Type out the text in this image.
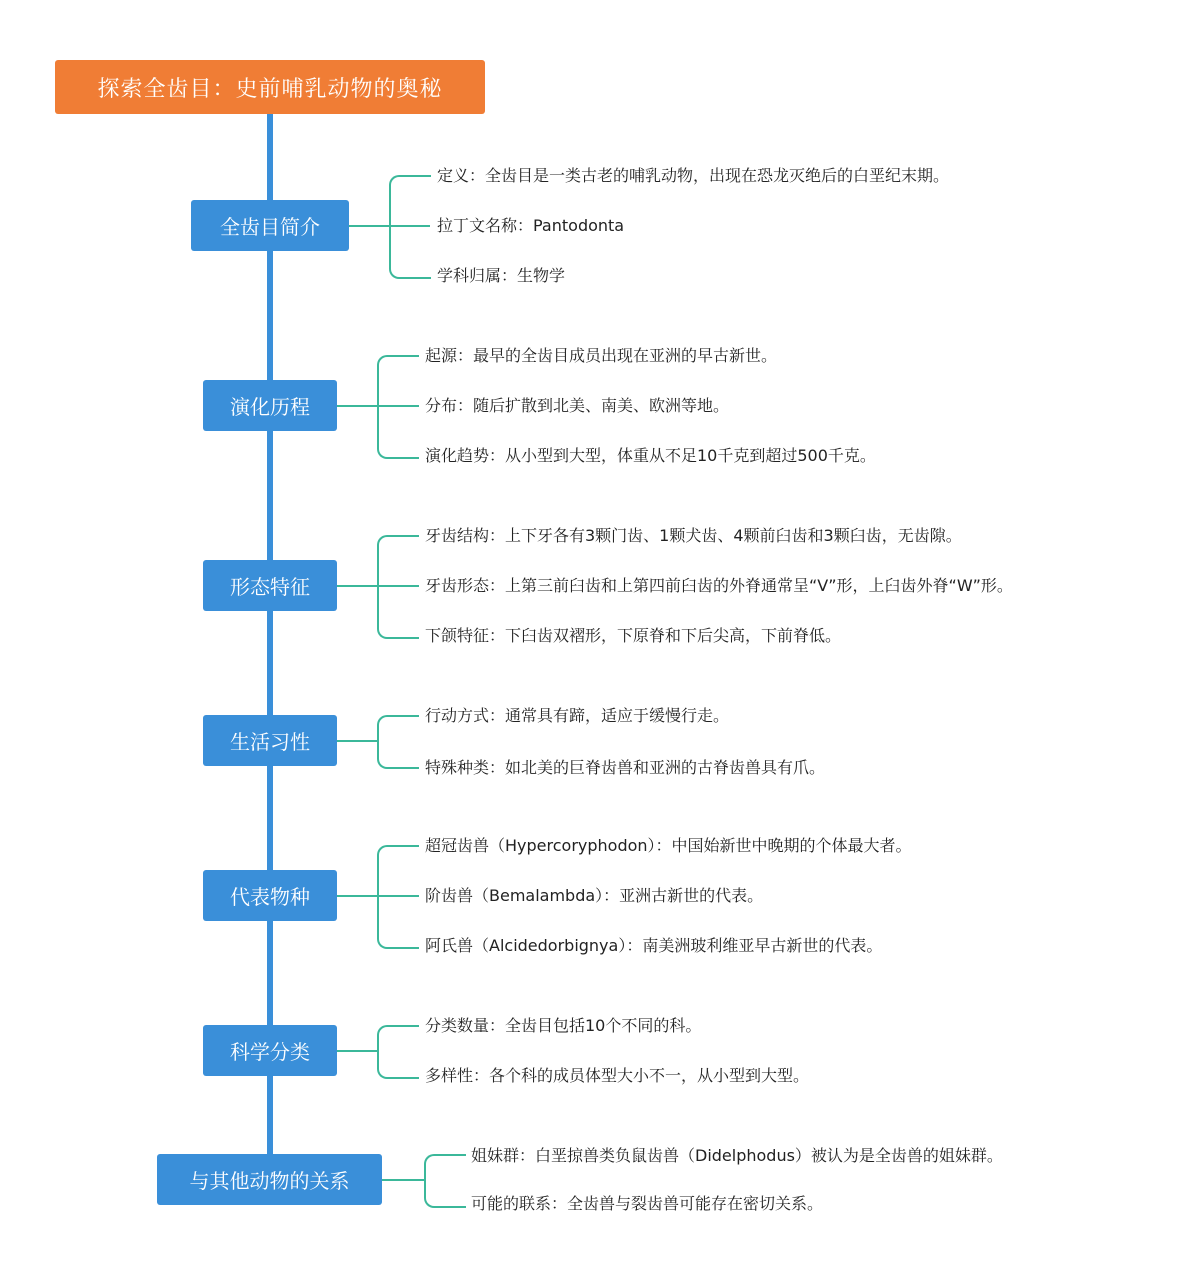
探索全齿目：史前哺乳动物的奥秘
全齿目简介
定义：全齿目是一类古老的哺乳动物，出现在恐龙灭绝后的白垩纪末期。
拉丁文名称：Pantodonta
学科归属：生物学
演化历程
起源：最早的全齿目成员出现在亚洲的早古新世。
分布：随后扩散到北美、南美、欧洲等地。
演化趋势：从小型到大型，体重从不足10千克到超过500千克。
形态特征
牙齿结构：上下牙各有3颗门齿、1颗犬齿、4颗前臼齿和3颗臼齿，无齿隙。
牙齿形态：上第三前臼齿和上第四前臼齿的外脊通常呈“V”形，上臼齿外脊“W”形。
下颌特征：下臼齿双褶形，下原脊和下后尖高，下前脊低。
生活习性
行动方式：通常具有蹄，适应于缓慢行走。
特殊种类：如北美的巨脊齿兽和亚洲的古脊齿兽具有爪。
代表物种
超冠齿兽（Hypercoryphodon）：中国始新世中晚期的个体最大者。
阶齿兽（Bemalambda）：亚洲古新世的代表。
阿氏兽（Alcidedorbignya）：南美洲玻利维亚早古新世的代表。
科学分类
分类数量：全齿目包括10个不同的科。
多样性：各个科的成员体型大小不一，从小型到大型。
与其他动物的关系
姐妹群：白垩掠兽类负鼠齿兽（Didelphodus）被认为是全齿兽的姐妹群。
可能的联系：全齿兽与裂齿兽可能存在密切关系。
